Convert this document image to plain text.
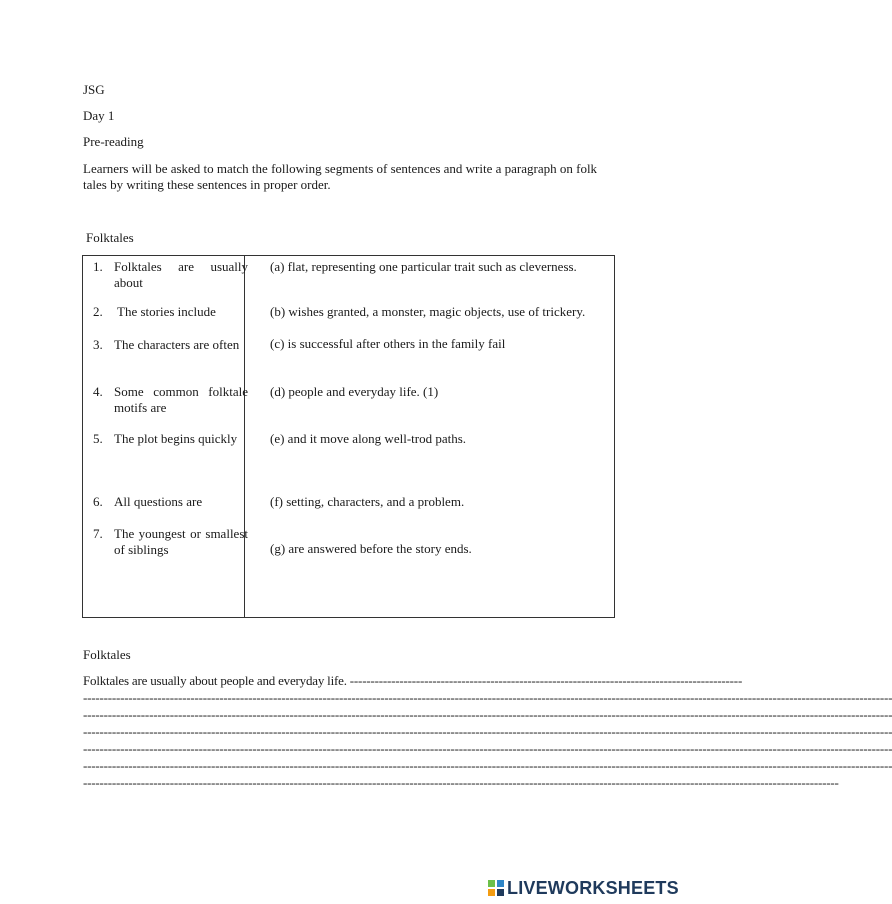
JSG
Day 1
Pre-reading
Learners will be asked to match the following segments of sentences and write a paragraph on folk tales by writing these sentences in proper order.
Folktales
1. Folktales are usually about
2. The stories include
3. The characters are often
4. Some common folktale motifs are
5. The plot begins quickly
6. All questions are
7. The youngest or smallest of siblings
(a) flat, representing one particular trait such as cleverness.
(b) wishes granted, a monster, magic objects, use of trickery.
(c) is successful after others in the family fail
(d) people and everyday life. (1)
(e) and it move along well-trod paths.
(f) setting, characters, and a problem.
(g) are answered before the story ends.
Folktales
Folktales are usually about people and everyday life. -----------------------------------------------------------------------------------------------
----------------------------------------------------------------------------------------------------------------------------------------------------------------------------------------------------
----------------------------------------------------------------------------------------------------------------------------------------------------------------------------------------------------
----------------------------------------------------------------------------------------------------------------------------------------------------------------------------------------------------
----------------------------------------------------------------------------------------------------------------------------------------------------------------------------------------------------
----------------------------------------------------------------------------------------------------------------------------------------------------------------------------------------------------
---------------------------------------------------------------------------------------------------------------------------------------------------------------------------------------
LIVEWORKSHEETS
